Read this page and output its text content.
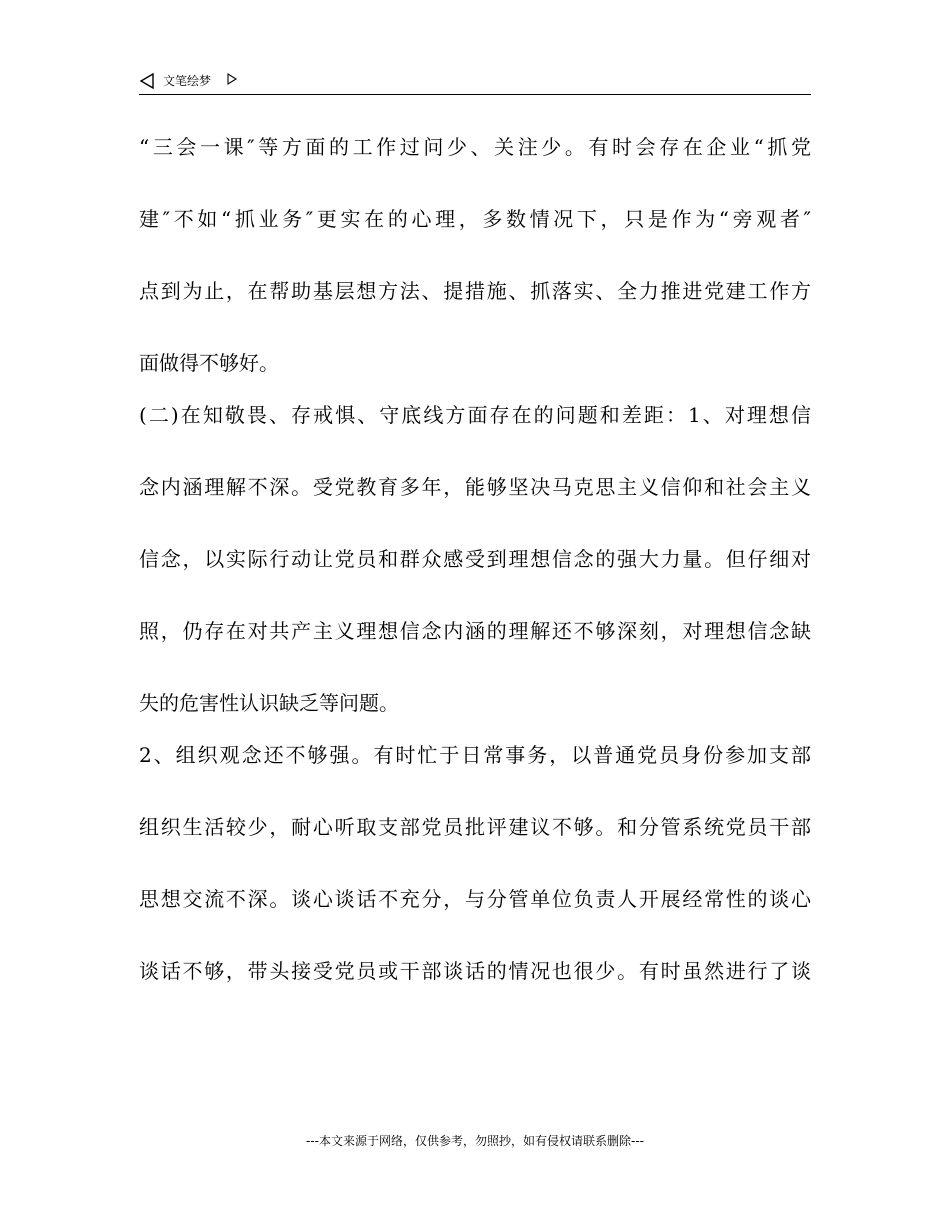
文笔绘梦
“三会一课″等方面的工作过问少、关注少。有时会存在企业“抓党
建″不如“抓业务″更实在的心理，多数情况下，只是作为“旁观者″
点到为止，在帮助基层想方法、提措施、抓落实、全力推进党建工作方
面做得不够好。
(二)在知敬畏、存戒惧、守底线方面存在的问题和差距：1、对理想信
念内涵理解不深。受党教育多年，能够坚决马克思主义信仰和社会主义
信念，以实际行动让党员和群众感受到理想信念的强大力量。但仔细对
照，仍存在对共产主义理想信念内涵的理解还不够深刻，对理想信念缺
失的危害性认识缺乏等问题。
2、组织观念还不够强。有时忙于日常事务，以普通党员身份参加支部
组织生活较少，耐心听取支部党员批评建议不够。和分管系统党员干部
思想交流不深。谈心谈话不充分，与分管单位负责人开展经常性的谈心
谈话不够，带头接受党员或干部谈话的情况也很少。有时虽然进行了谈
---本文来源于网络，仅供参考，勿照抄，如有侵权请联系删除---
